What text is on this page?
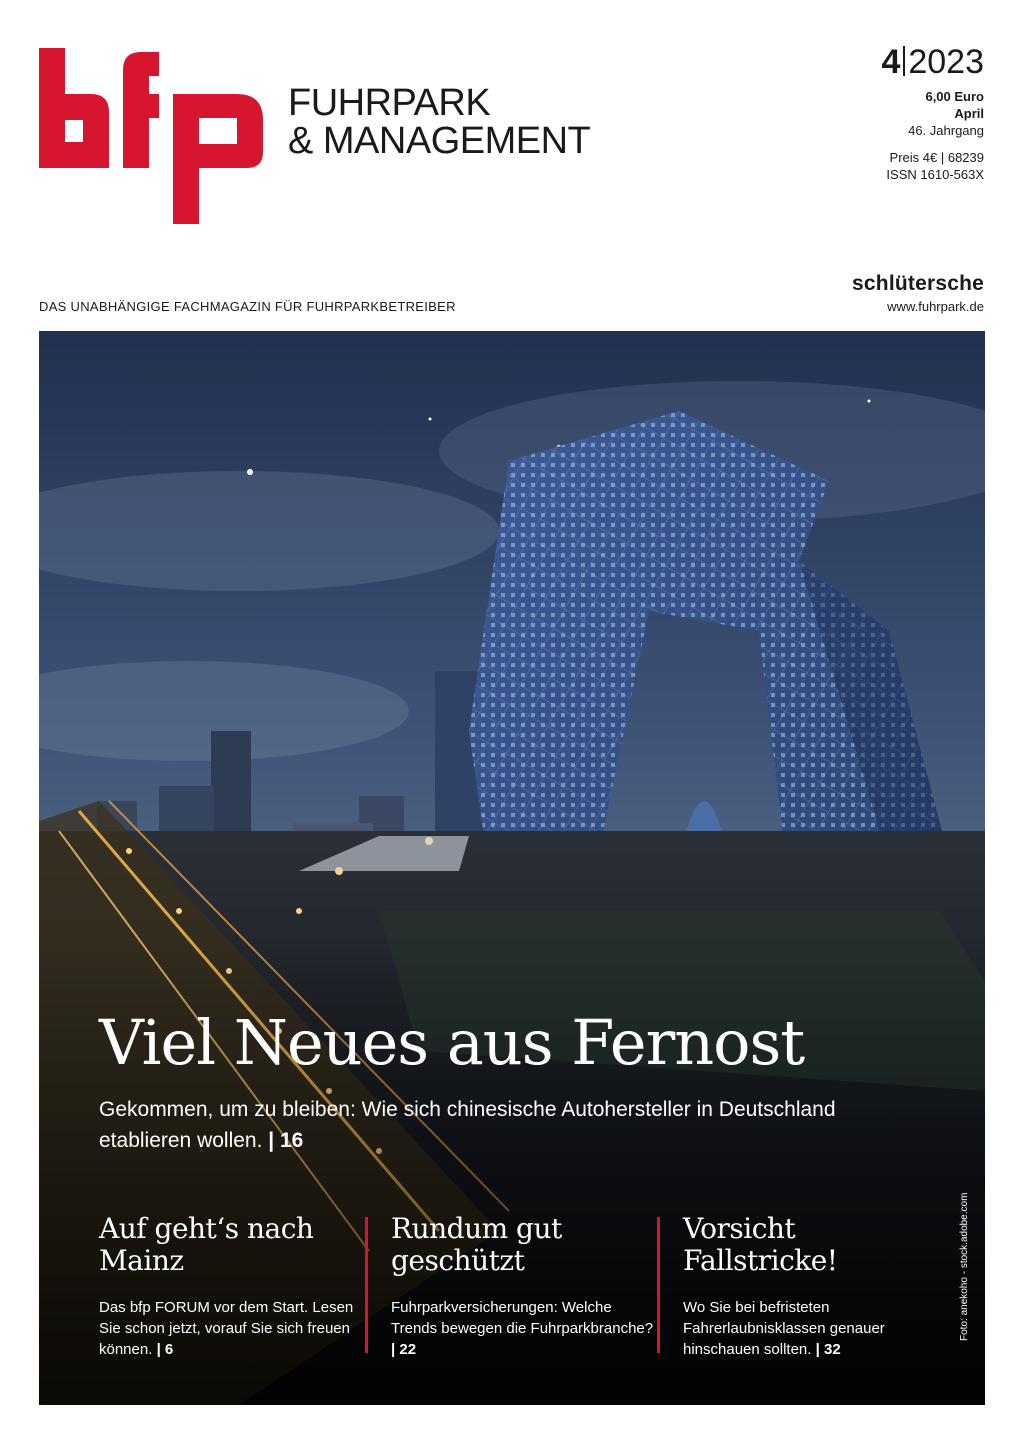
FUHRPARK
& MANAGEMENT
4 2023
6,00 Euro
April
46. Jahrgang
Preis 4€ | 68239
ISSN 1610-563X
schlütersche
www.fuhrpark.de
DAS UNABHÄNGIGE FACHMAGAZIN FÜR FUHRPARKBETREIBER
Viel Neues aus Fernost
Gekommen, um zu bleiben: Wie sich chinesische Autohersteller in Deutschland etablieren wollen. | 16
Auf geht‘s nach Mainz
Das bfp FORUM vor dem Start. Lesen Sie schon jetzt, vorauf Sie sich freuen können. | 6
Rundum gut geschützt
Fuhrparkversicherungen: Welche Trends bewegen die Fuhrparkbranche? | 22
Vorsicht Fallstricke!
Wo Sie bei befristeten Fahrerlaubnisklassen genauer hinschauen sollten. | 32
Foto: anekoho - stock.adobe.com
